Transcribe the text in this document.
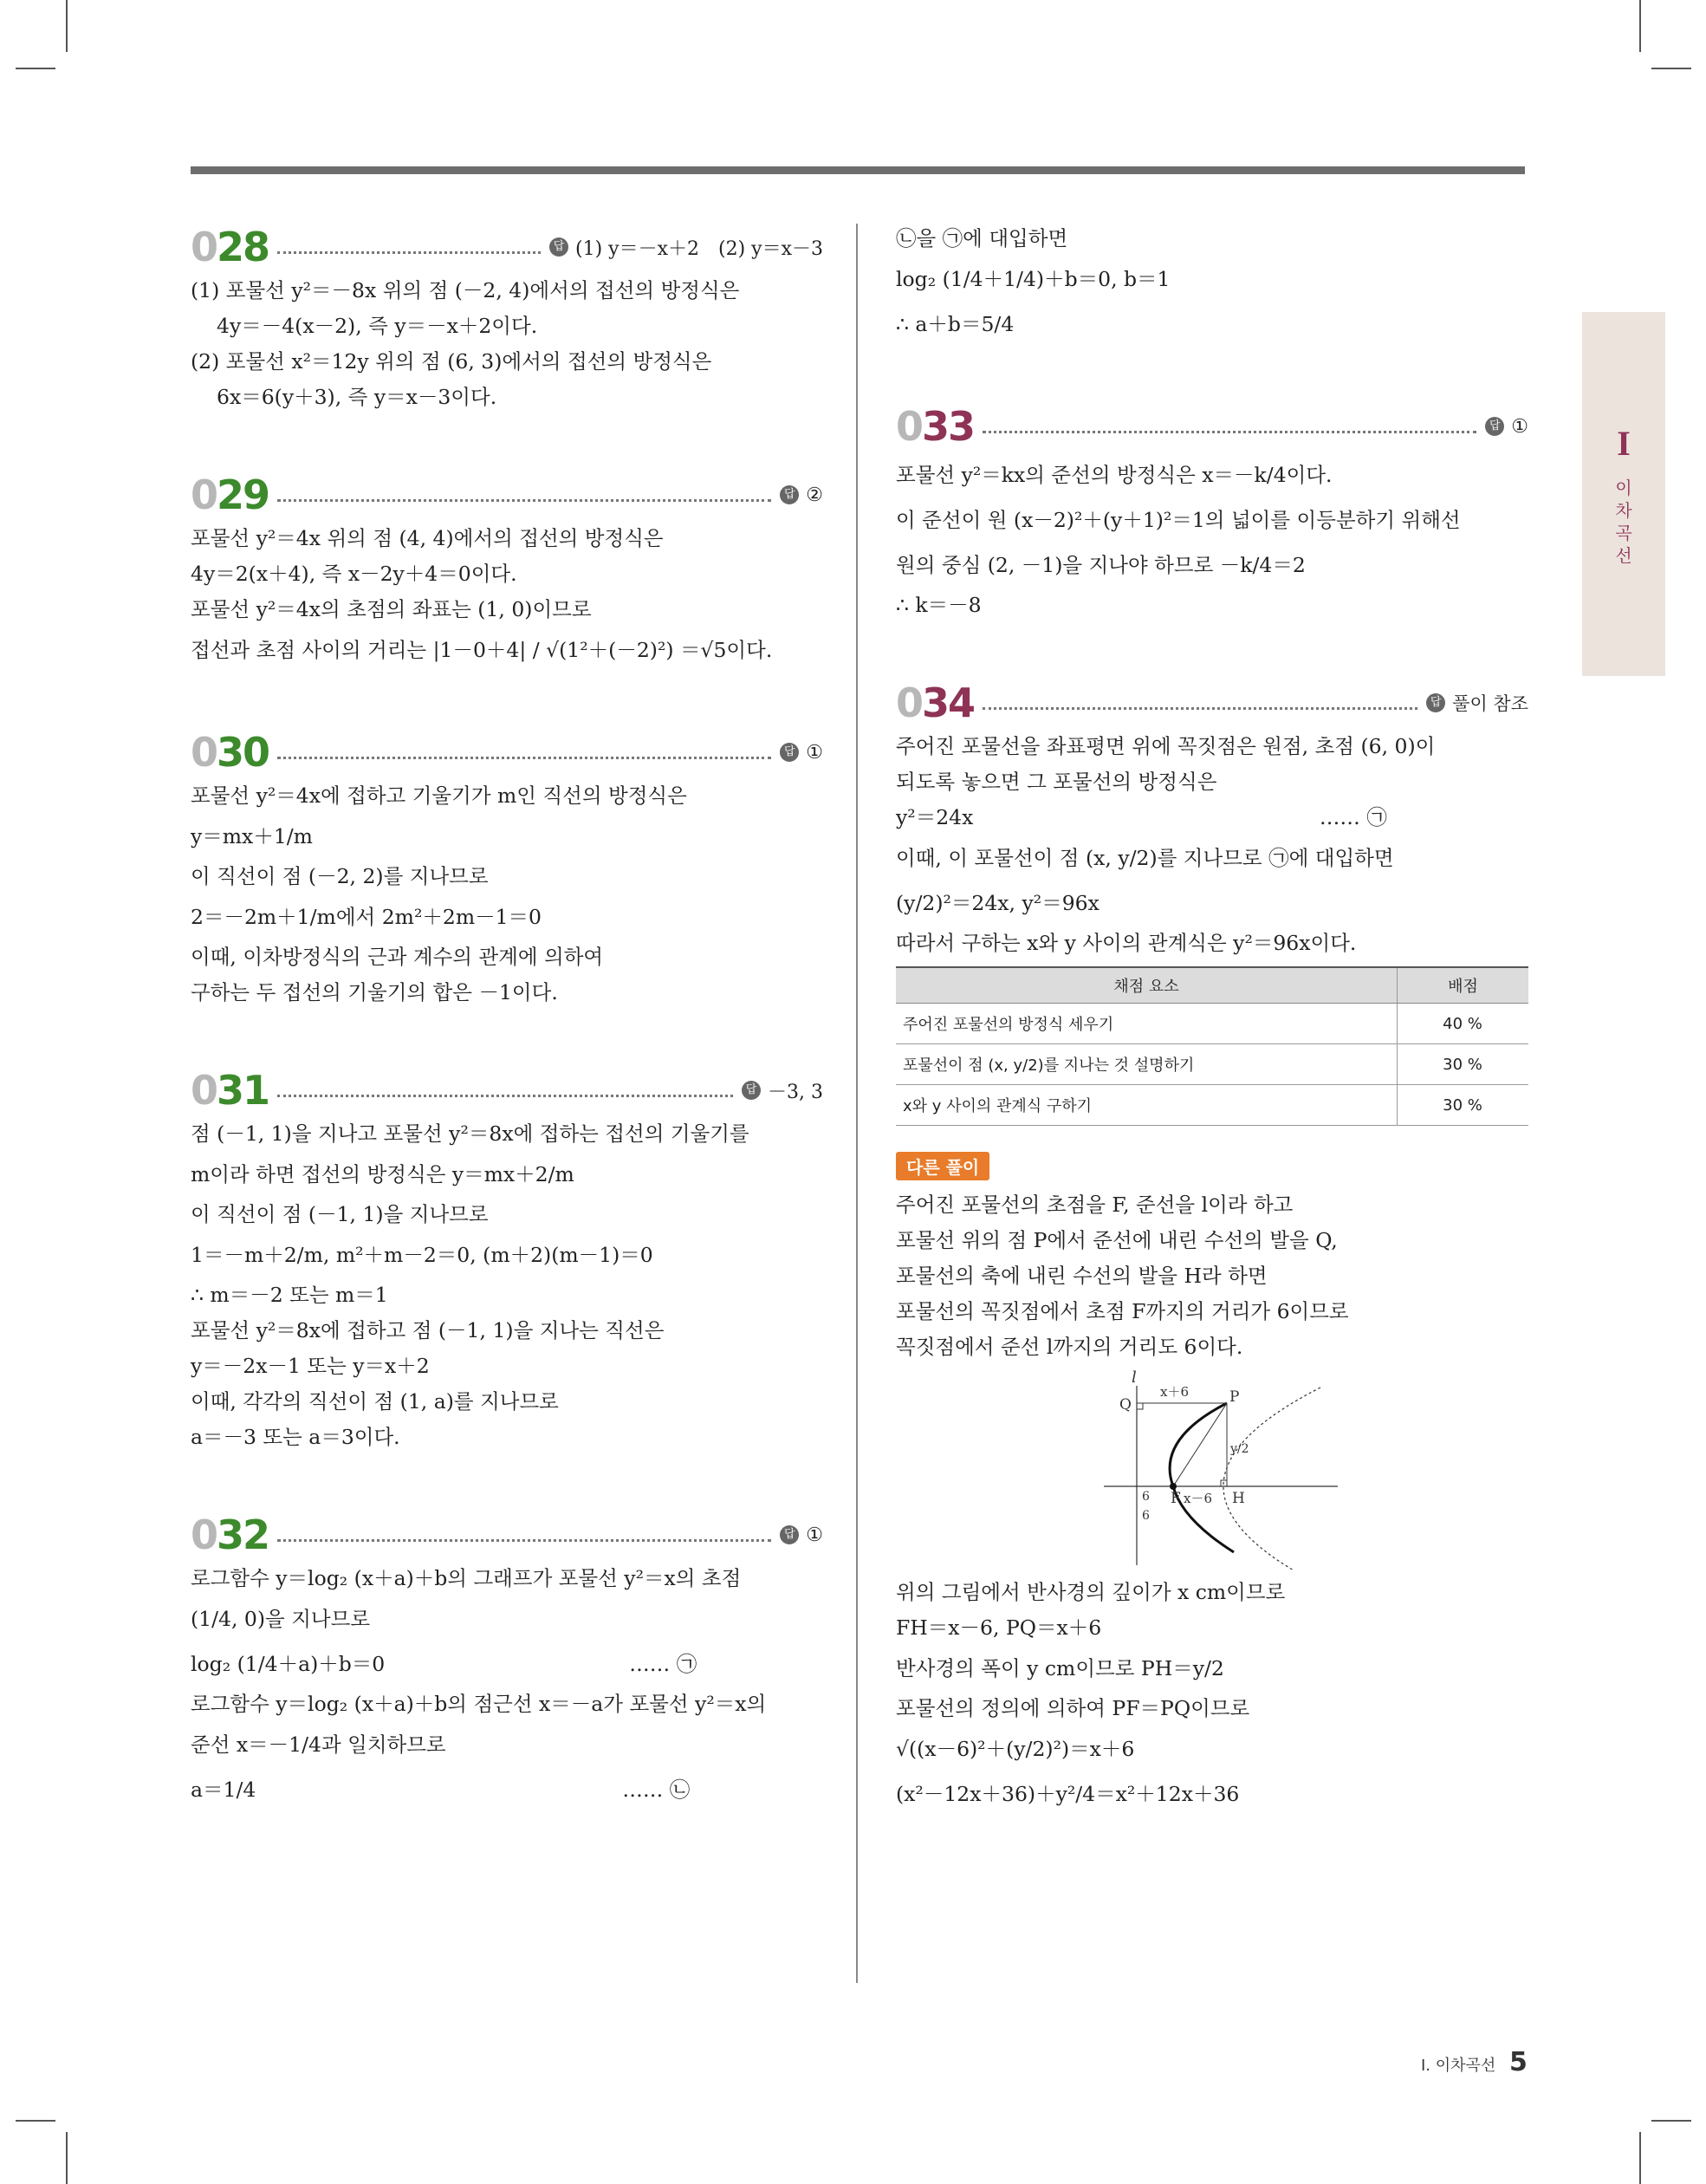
I
이
차
곡
선
028	답 (1) y＝－x＋2　(2) y＝x－3
(1) 포물선 y²＝－8x 위의 점 (－2, 4)에서의 접선의 방정식은
4y＝－4(x－2), 즉 y＝－x＋2이다.
(2) 포물선 x²＝12y 위의 점 (6, 3)에서의 접선의 방정식은
6x＝6(y＋3), 즉 y＝x－3이다.
029	답 ②
포물선 y²＝4x 위의 점 (4, 4)에서의 접선의 방정식은
4y＝2(x＋4), 즉 x－2y＋4＝0이다.
포물선 y²＝4x의 초점의 좌표는 (1, 0)이므로
접선과 초점 사이의 거리는 |1－0＋4| / √(1²＋(－2)²) ＝√5이다.
030	답 ①
포물선 y²＝4x에 접하고 기울기가 m인 직선의 방정식은
y＝mx＋1/m
이 직선이 점 (－2, 2)를 지나므로
2＝－2m＋1/m에서 2m²＋2m－1＝0
이때, 이차방정식의 근과 계수의 관계에 의하여
구하는 두 접선의 기울기의 합은 －1이다.
031	답 －3, 3
점 (－1, 1)을 지나고 포물선 y²＝8x에 접하는 접선의 기울기를
m이라 하면 접선의 방정식은 y＝mx＋2/m
이 직선이 점 (－1, 1)을 지나므로
1＝－m＋2/m, m²＋m－2＝0, (m＋2)(m－1)＝0
∴ m＝－2 또는 m＝1
포물선 y²＝8x에 접하고 점 (－1, 1)을 지나는 직선은
y＝－2x－1 또는 y＝x＋2
이때, 각각의 직선이 점 (1, a)를 지나므로
a＝－3 또는 a＝3이다.
032	답 ①
로그함수 y＝log₂ (x＋a)＋b의 그래프가 포물선 y²＝x의 초점
(1/4, 0)을 지나므로
log₂ (1/4＋a)＋b＝0　　　　　　　　　　　　…… ㉠
로그함수 y＝log₂ (x＋a)＋b의 점근선 x＝－a가 포물선 y²＝x의
준선 x＝－1/4과 일치하므로
a＝1/4　　　　　　　　　　　　　　　　　　…… ㉡
㉡을 ㉠에 대입하면
log₂ (1/4＋1/4)＋b＝0, b＝1
∴ a＋b＝5/4
033	답 ①
포물선 y²＝kx의 준선의 방정식은 x＝－k/4이다.
이 준선이 원 (x－2)²＋(y＋1)²＝1의 넓이를 이등분하기 위해선
원의 중심 (2, －1)을 지나야 하므로 －k/4＝2
∴ k＝－8
034	답 풀이 참조
주어진 포물선을 좌표평면 위에 꼭짓점은 원점, 초점 (6, 0)이
되도록 놓으면 그 포물선의 방정식은
y²＝24x　　　　　　　　　　　　　　　　　…… ㉠
이때, 이 포물선이 점 (x, y/2)를 지나므로 ㉠에 대입하면
(y/2)²＝24x, y²＝96x
따라서 구하는 x와 y 사이의 관계식은 y²＝96x이다.
채점 요소	배점
주어진 포물선의 방정식 세우기	40 %
포물선이 점 (x, y/2)를 지나는 것 설명하기	30 %
x와 y 사이의 관계식 구하기	30 %
다른 풀이
주어진 포물선의 초점을 F, 준선을 l이라 하고
포물선 위의 점 P에서 준선에 내린 수선의 발을 Q,
포물선의 축에 내린 수선의 발을 H라 하면
포물선의 꼭짓점에서 초점 F까지의 거리가 6이므로
꼭짓점에서 준선 l까지의 거리도 6이다.
l
Q	P
F	H
x＋6
x－6
6
6
y/2
위의 그림에서 반사경의 깊이가 x cm이므로
FH＝x－6, PQ＝x＋6
반사경의 폭이 y cm이므로 PH＝y/2
포물선의 정의에 의하여 PF＝PQ이므로
√((x－6)²＋(y/2)²)＝x＋6
(x²－12x＋36)＋y²/4＝x²＋12x＋36
Ⅰ. 이차곡선 5
